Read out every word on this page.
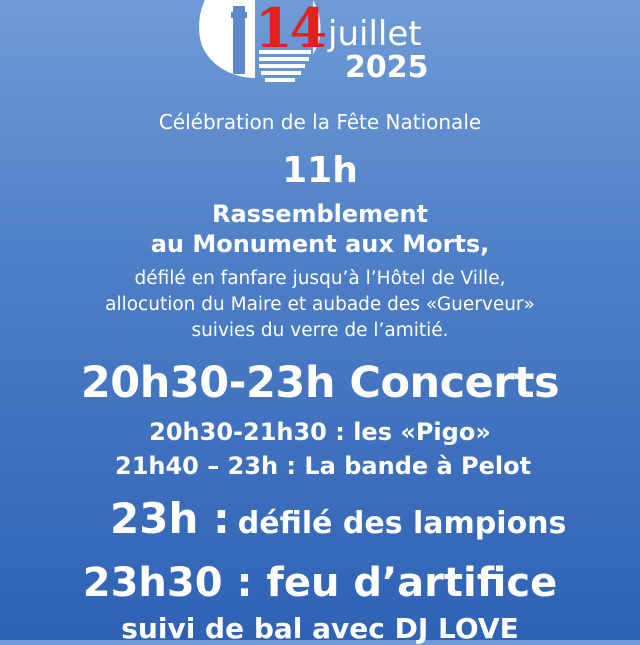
14 juillet
2025
Célébration de la Fête Nationale
11h
Rassemblement
au Monument aux Morts,
défilé en fanfare jusqu’à l’Hôtel de Ville,
allocution du Maire et aubade des «Guerveur»
suivies du verre de l’amitié.
20h30-23h Concerts
20h30-21h30 : les «Pigo»
21h40 – 23h : La bande à Pelot
23h : défilé des lampions
23h30 : feu d’artifice
suivi de bal avec DJ LOVE
